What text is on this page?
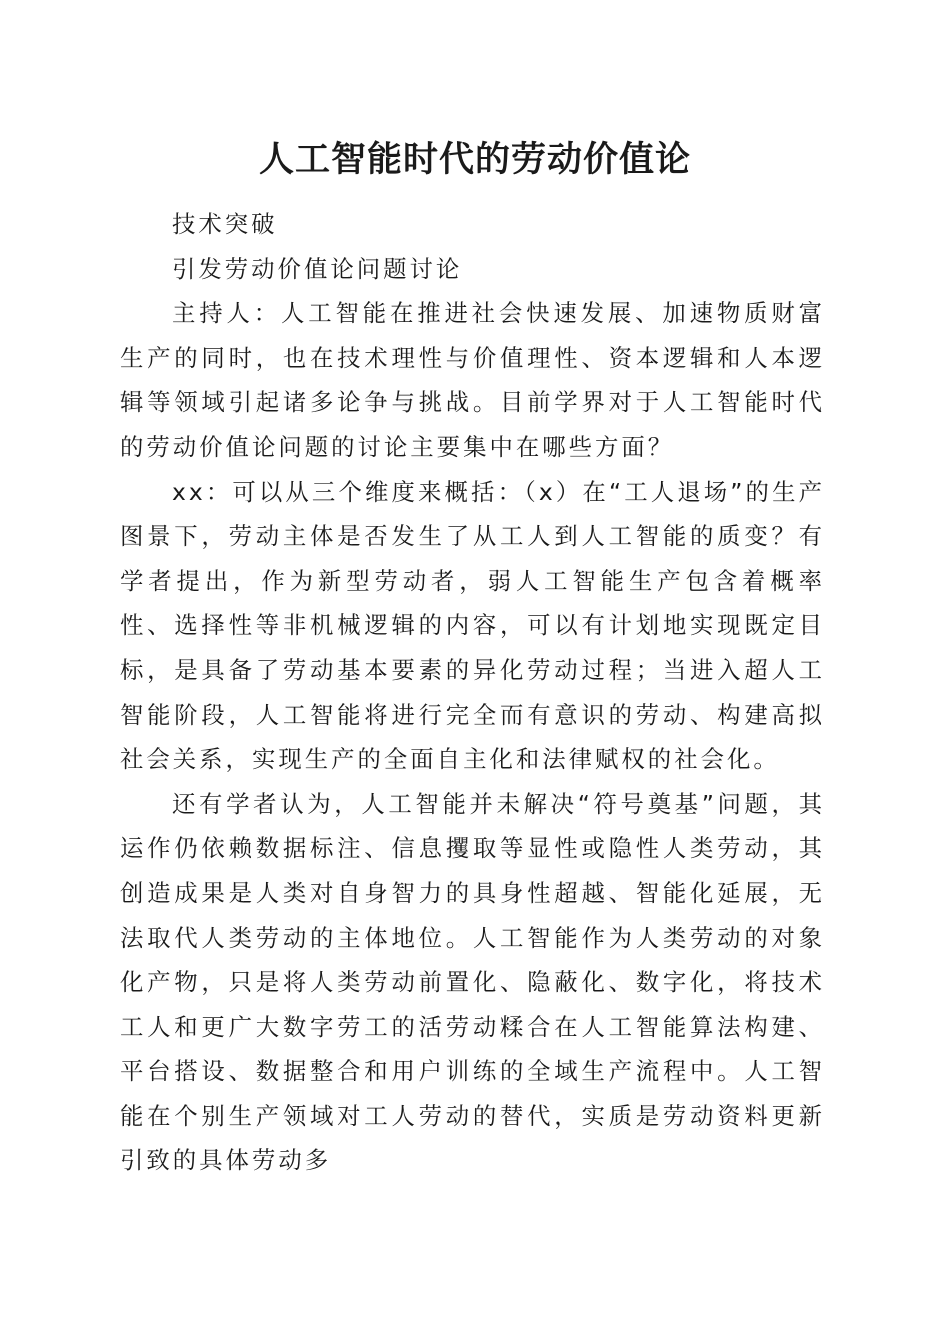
人工智能时代的劳动价值论

技术突破

引发劳动价值论问题讨论

主持人：人工智能在推进社会快速发展、加速物质财富生产的同时，也在技术理性与价值理性、资本逻辑和人本逻辑等领域引起诸多论争与挑战。目前学界对于人工智能时代的劳动价值论问题的讨论主要集中在哪些方面？

xx：可以从三个维度来概括：（x）在“工人退场”的生产图景下，劳动主体是否发生了从工人到人工智能的质变？有学者提出，作为新型劳动者，弱人工智能生产包含着概率性、选择性等非机械逻辑的内容，可以有计划地实现既定目标，是具备了劳动基本要素的异化劳动过程；当进入超人工智能阶段，人工智能将进行完全而有意识的劳动、构建高拟社会关系，实现生产的全面自主化和法律赋权的社会化。

还有学者认为，人工智能并未解决“符号奠基”问题，其运作仍依赖数据标注、信息攫取等显性或隐性人类劳动，其创造成果是人类对自身智力的具身性超越、智能化延展，无法取代人类劳动的主体地位。人工智能作为人类劳动的对象化产物，只是将人类劳动前置化、隐蔽化、数字化，将技术工人和更广大数字劳工的活劳动糅合在人工智能算法构建、平台搭设、数据整合和用户训练的全域生产流程中。人工智能在个别生产领域对工人劳动的替代，实质是劳动资料更新引致的具体劳动多
